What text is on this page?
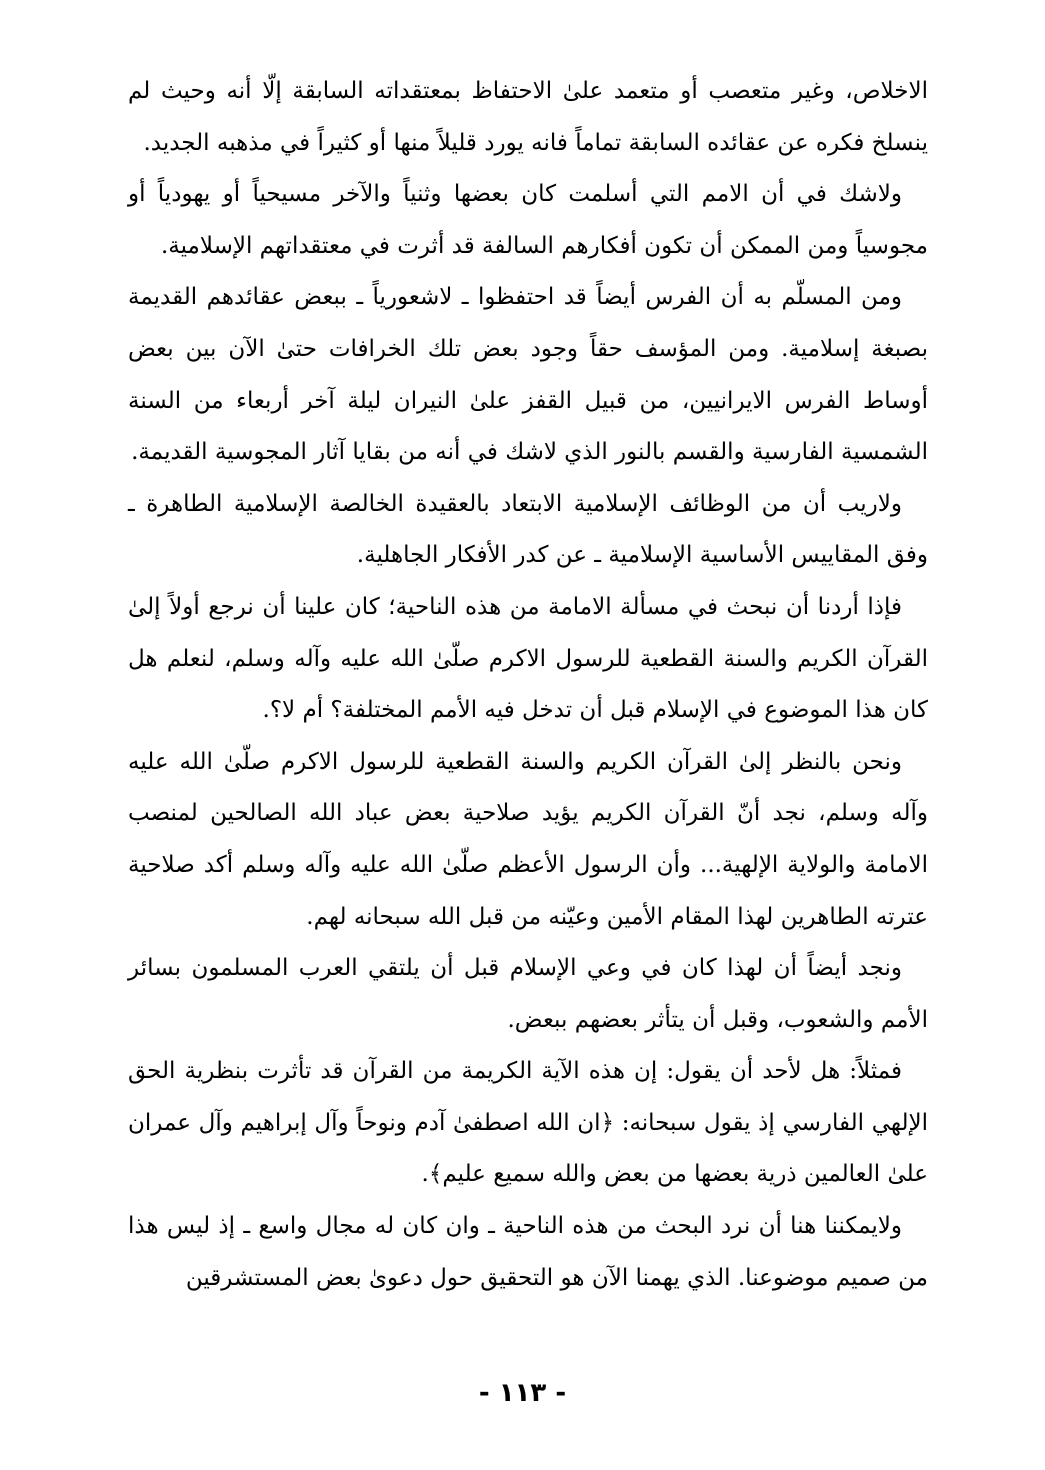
الاخلاص، وغير متعصب أو متعمد علىٰ الاحتفاظ بمعتقداته السابقة إلّا أنه وحيث لم ينسلخ فكره عن عقائده السابقة تماماً فانه يورد قليلاً منها أو كثيراً في مذهبه الجديد.

ولاشك في أن الامم التي أسلمت كان بعضها وثنياً والآخر مسيحياً أو يهودياً أو مجوسياً ومن الممكن أن تكون أفكارهم السالفة قد أثرت في معتقداتهم الإسلامية.

ومن المسلّم به أن الفرس أيضاً قد احتفظوا ـ لاشعورياً ـ ببعض عقائدهم القديمة بصبغة إسلامية. ومن المؤسف حقاً وجود بعض تلك الخرافات حتىٰ الآن بين بعض أوساط الفرس الايرانيين، من قبيل القفز علىٰ النيران ليلة آخر أربعاء من السنة الشمسية الفارسية والقسم بالنور الذي لاشك في أنه من بقايا آثار المجوسية القديمة.

ولاريب أن من الوظائف الإسلامية الابتعاد بالعقيدة الخالصة الإسلامية الطاهرة ـ وفق المقاييس الأساسية الإسلامية ـ عن كدر الأفكار الجاهلية.

فإذا أردنا أن نبحث في مسألة الامامة من هذه الناحية؛ كان علينا أن نرجع أولاً إلىٰ القرآن الكريم والسنة القطعية للرسول الاكرم صلّىٰ الله عليه وآله وسلم، لنعلم هل كان هذا الموضوع في الإسلام قبل أن تدخل فيه الأمم المختلفة؟ أم لا؟.

ونحن بالنظر إلىٰ القرآن الكريم والسنة القطعية للرسول الاكرم صلّىٰ الله عليه وآله وسلم، نجد أنّ القرآن الكريم يؤيد صلاحية بعض عباد الله الصالحين لمنصب الامامة والولاية الإلهية... وأن الرسول الأعظم صلّىٰ الله عليه وآله وسلم أكد صلاحية عترته الطاهرين لهذا المقام الأمين وعيّنه من قبل الله سبحانه لهم.

ونجد أيضاً أن لهذا كان في وعي الإسلام قبل أن يلتقي العرب المسلمون بسائر الأمم والشعوب، وقبل أن يتأثر بعضهم ببعض.

فمثلاً: هل لأحد أن يقول: إن هذه الآية الكريمة من القرآن قد تأثرت بنظرية الحق الإلهي الفارسي إذ يقول سبحانه: ﴿ان الله اصطفىٰ آدم ونوحاً وآل إبراهيم وآل عمران علىٰ العالمين ذرية بعضها من بعض والله سميع عليم﴾.

ولايمكننا هنا أن نرد البحث من هذه الناحية ـ وان كان له مجال واسع ـ إذ ليس هذا من صميم موضوعنا. الذي يهمنا الآن هو التحقيق حول دعوىٰ بعض المستشرقين

- ١١٣ -
